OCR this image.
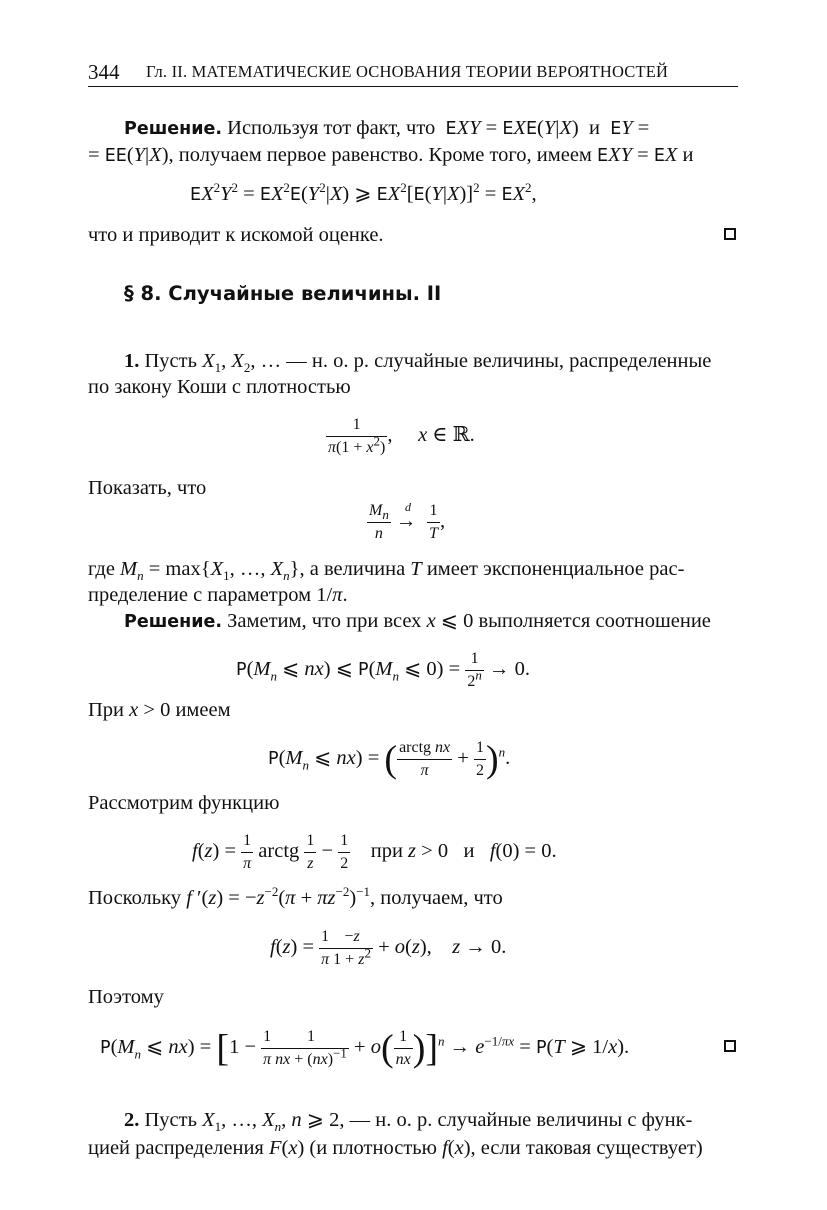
344 Гл. II. МАТЕМАТИЧЕСКИЕ ОСНОВАНИЯ ТЕОРИИ ВЕРОЯТНОСТЕЙ
Решение. Используя тот факт, что EXY = EXE(Y|X)  и EY =
= EE(Y|X), получаем первое равенство. Кроме того, имеем EXY = EX и
$EX^2Y^2 = EX^2E(Y^2|X)$ ⩾ $EX^2[E(Y|X)]^2 = EX^2$,
что и приводит к искомой оценке.
§ 8. Случайные величины. II
1. Пусть $X_1$, $X_2$, … — н. о. р. случайные величины, распределенные
по закону Коши с плотностью
$\frac{1}{\pi(1 + x^2)}$ ,     x ∈ ℝ.
Показать, что
$\frac{M_n}{n}$
d
→ $\frac{1}{T}$ ,
где $M_n = \max\{X_1$, …, $X_n$}, а величина T имеет экспоненциальное рас-
пределение с параметром 1/π.
Решение. Заметим, что при всех x ⩽ 0 выполняется соотношение
$P(M_n$ ⩽ nx) ⩽ $P(M_n$ ⩽ $0) = \frac{1}{2^n} \to 0$.
При x > 0 имеем
$P(M_n$ ⩽ nx) = ( $\frac{\text{arctg nx}}{\pi} + \frac{1}{2} )^n$.
Рассмотрим функцию
$f(z) = \frac{1}{\pi}$ arctg $\frac{1}{z} - \frac{1}{2}$ при z > 0   и f(0) = 0.
Поскольку f $'(z) = -z^{-2}(\pi + \pi z^{-2})^{-1}$, получаем, что
$f(z) = \frac{1}{\pi} \frac{-z}{1 + z^2} + o(z)$,    z → 0.
Поэтому
$P(M_n$ ⩽ $nx) = [1 - \frac{1}{\pi} \frac{1}{nx + (nx)^{-1}} + o( \frac{1}{nx} )]^n \to e^{-1/\pi x} = P(T$ ⩾ 1/x).
2. Пусть $X_1$, …, $X_n$, n ⩾ 2, — н. о. р. случайные величины с функ-
цией распределения F(x) (и плотностью f(x), если таковая существует)
